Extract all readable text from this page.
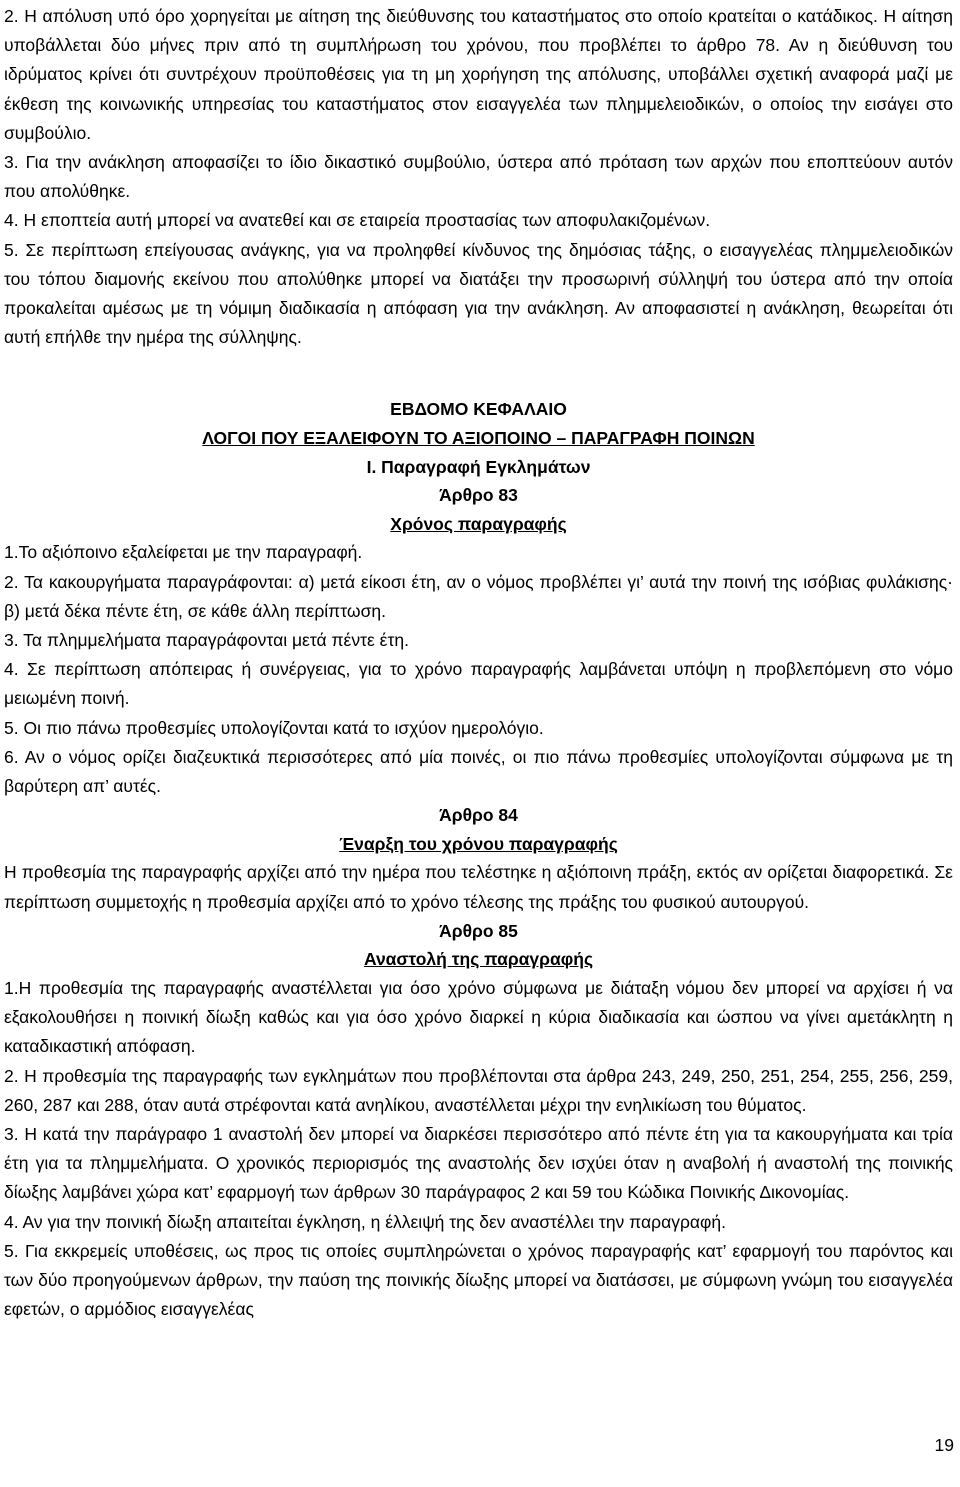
2. Η απόλυση υπό όρο χορηγείται με αίτηση της διεύθυνσης του καταστήματος στο οποίο κρατείται ο κατάδικος. Η αίτηση υποβάλλεται δύο μήνες πριν από τη συμπλήρωση του χρόνου, που προβλέπει το άρθρο 78. Αν η διεύθυνση του ιδρύματος κρίνει ότι συντρέχουν προϋποθέσεις για τη μη χορήγηση της απόλυσης, υποβάλλει σχετική αναφορά μαζί με έκθεση της κοινωνικής υπηρεσίας του καταστήματος στον εισαγγελέα των πλημμελειοδικών, ο οποίος την εισάγει στο συμβούλιο.

3. Για την ανάκληση αποφασίζει το ίδιο δικαστικό συμβούλιο, ύστερα από πρόταση των αρχών που εποπτεύουν αυτόν που απολύθηκε.

4. Η εποπτεία αυτή μπορεί να ανατεθεί και σε εταιρεία προστασίας των αποφυλακιζομένων.

5. Σε περίπτωση επείγουσας ανάγκης, για να προληφθεί κίνδυνος της δημόσιας τάξης, ο εισαγγελέας πλημμελειοδικών του τόπου διαμονής εκείνου που απολύθηκε μπορεί να διατάξει την προσωρινή σύλληψή του ύστερα από την οποία προκαλείται αμέσως με τη νόμιμη διαδικασία η απόφαση για την ανάκληση. Αν αποφασιστεί η ανάκληση, θεωρείται ότι αυτή επήλθε την ημέρα της σύλληψης.

ΕΒΔΟΜΟ ΚΕΦΑΛΑΙΟ

ΛΟΓΟΙ ΠΟΥ ΕΞΑΛΕΙΦΟΥΝ ΤΟ ΑΞΙΟΠΟΙΝΟ – ΠΑΡΑΓΡΑΦΗ ΠΟΙΝΩΝ

Ι. Παραγραφή Εγκλημάτων

Άρθρο 83

Χρόνος παραγραφής

1.Το αξιόποινο εξαλείφεται με την παραγραφή.

2. Τα κακουργήματα παραγράφονται: α) μετά είκοσι έτη, αν ο νόμος προβλέπει γι’ αυτά την ποινή της ισόβιας φυλάκισης· β) μετά δέκα πέντε έτη, σε κάθε άλλη περίπτωση.

3. Τα πλημμελήματα παραγράφονται μετά πέντε έτη.

4. Σε περίπτωση απόπειρας ή συνέργειας, για το χρόνο παραγραφής λαμβάνεται υπόψη η προβλεπόμενη στο νόμο μειωμένη ποινή.

5. Οι πιο πάνω προθεσμίες υπολογίζονται κατά το ισχύον ημερολόγιο.

6. Αν ο νόμος ορίζει διαζευκτικά περισσότερες από μία ποινές, οι πιο πάνω προθεσμίες υπολογίζονται σύμφωνα με τη βαρύτερη απ’ αυτές.

Άρθρο 84

Έναρξη του χρόνου παραγραφής

Η προθεσμία της παραγραφής αρχίζει από την ημέρα που τελέστηκε η αξιόποινη πράξη, εκτός αν ορίζεται διαφορετικά. Σε περίπτωση συμμετοχής η προθεσμία αρχίζει από το χρόνο τέλεσης της πράξης του φυσικού αυτουργού.

Άρθρο 85

Αναστολή της παραγραφής

1.Η προθεσμία της παραγραφής αναστέλλεται για όσο χρόνο σύμφωνα με διάταξη νόμου δεν μπορεί να αρχίσει ή να εξακολουθήσει η ποινική δίωξη καθώς και για όσο χρόνο διαρκεί η κύρια διαδικασία και ώσπου να γίνει αμετάκλητη η καταδικαστική απόφαση.

2. Η προθεσμία της παραγραφής των εγκλημάτων που προβλέπονται στα άρθρα 243, 249, 250, 251, 254, 255, 256, 259, 260, 287 και 288, όταν αυτά στρέφονται κατά ανηλίκου, αναστέλλεται μέχρι την ενηλικίωση του θύματος.

3. Η κατά την παράγραφο 1 αναστολή δεν μπορεί να διαρκέσει περισσότερο από πέντε έτη για τα κακουργήματα και τρία έτη για τα πλημμελήματα. Ο χρονικός περιορισμός της αναστολής δεν ισχύει όταν η αναβολή ή αναστολή της ποινικής δίωξης λαμβάνει χώρα κατ’ εφαρμογή των άρθρων 30 παράγραφος 2 και 59 του Κώδικα Ποινικής Δικονομίας.

4. Αν για την ποινική δίωξη απαιτείται έγκληση, η έλλειψή της δεν αναστέλλει την παραγραφή.

5. Για εκκρεμείς υποθέσεις, ως προς τις οποίες συμπληρώνεται ο χρόνος παραγραφής κατ’ εφαρμογή του παρόντος και των δύο προηγούμενων άρθρων, την παύση της ποινικής δίωξης μπορεί να διατάσσει, με σύμφωνη γνώμη του εισαγγελέα εφετών, ο αρμόδιος εισαγγελέας

19
